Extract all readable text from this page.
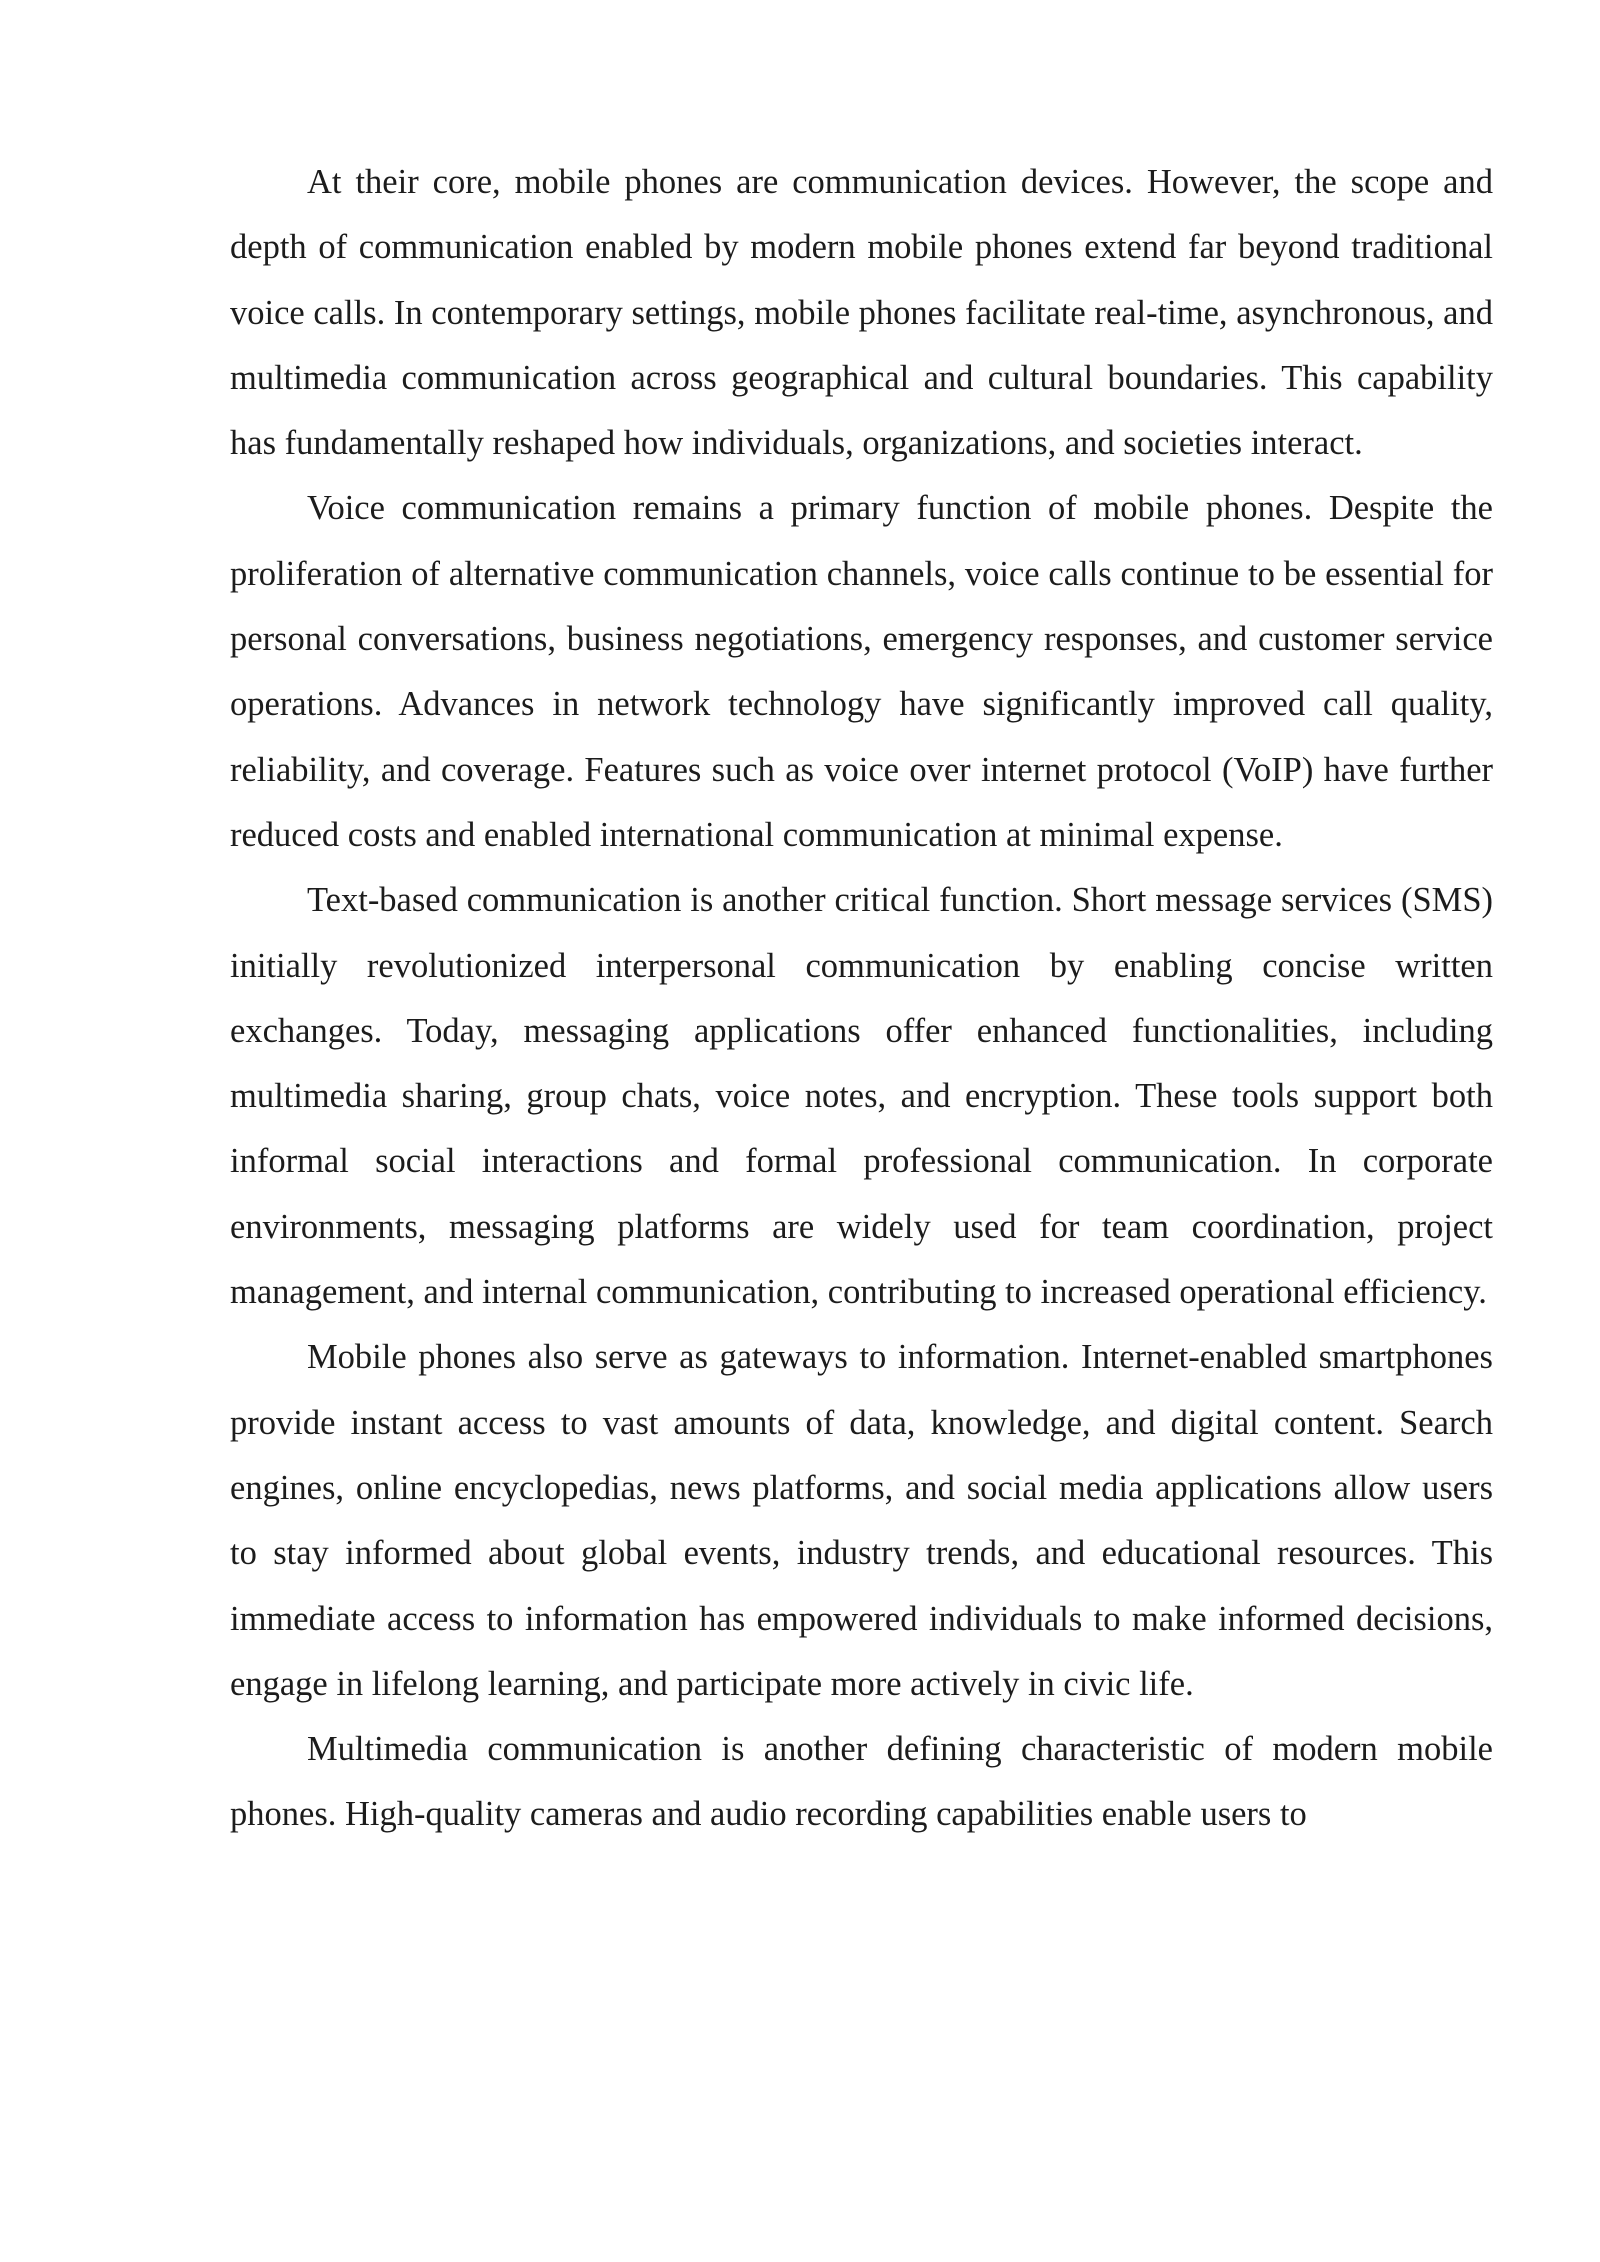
At their core, mobile phones are communication devices. However, the scope and depth of communication enabled by modern mobile phones extend far beyond traditional voice calls. In contemporary settings, mobile phones facilitate real-time, asynchronous, and multimedia communication across geographical and cultural boundaries. This capability has fundamentally reshaped how individuals, organizations, and societies interact.

Voice communication remains a primary function of mobile phones. Despite the proliferation of alternative communication channels, voice calls continue to be essential for personal conversations, business negotiations, emergency responses, and customer service operations. Advances in network technology have significantly improved call quality, reliability, and coverage. Features such as voice over internet protocol (VoIP) have further reduced costs and enabled international communication at minimal expense.

Text-based communication is another critical function. Short message services (SMS) initially revolutionized interpersonal communication by enabling concise written exchanges. Today, messaging applications offer enhanced functionalities, including multimedia sharing, group chats, voice notes, and encryption. These tools support both informal social interactions and formal professional communication. In corporate environments, messaging platforms are widely used for team coordination, project management, and internal communication, contributing to increased operational efficiency.

Mobile phones also serve as gateways to information. Internet-enabled smartphones provide instant access to vast amounts of data, knowledge, and digital content. Search engines, online encyclopedias, news platforms, and social media applications allow users to stay informed about global events, industry trends, and educational resources. This immediate access to information has empowered individuals to make informed decisions, engage in lifelong learning, and participate more actively in civic life.

Multimedia communication is another defining characteristic of modern mobile phones. High-quality cameras and audio recording capabilities enable users to
